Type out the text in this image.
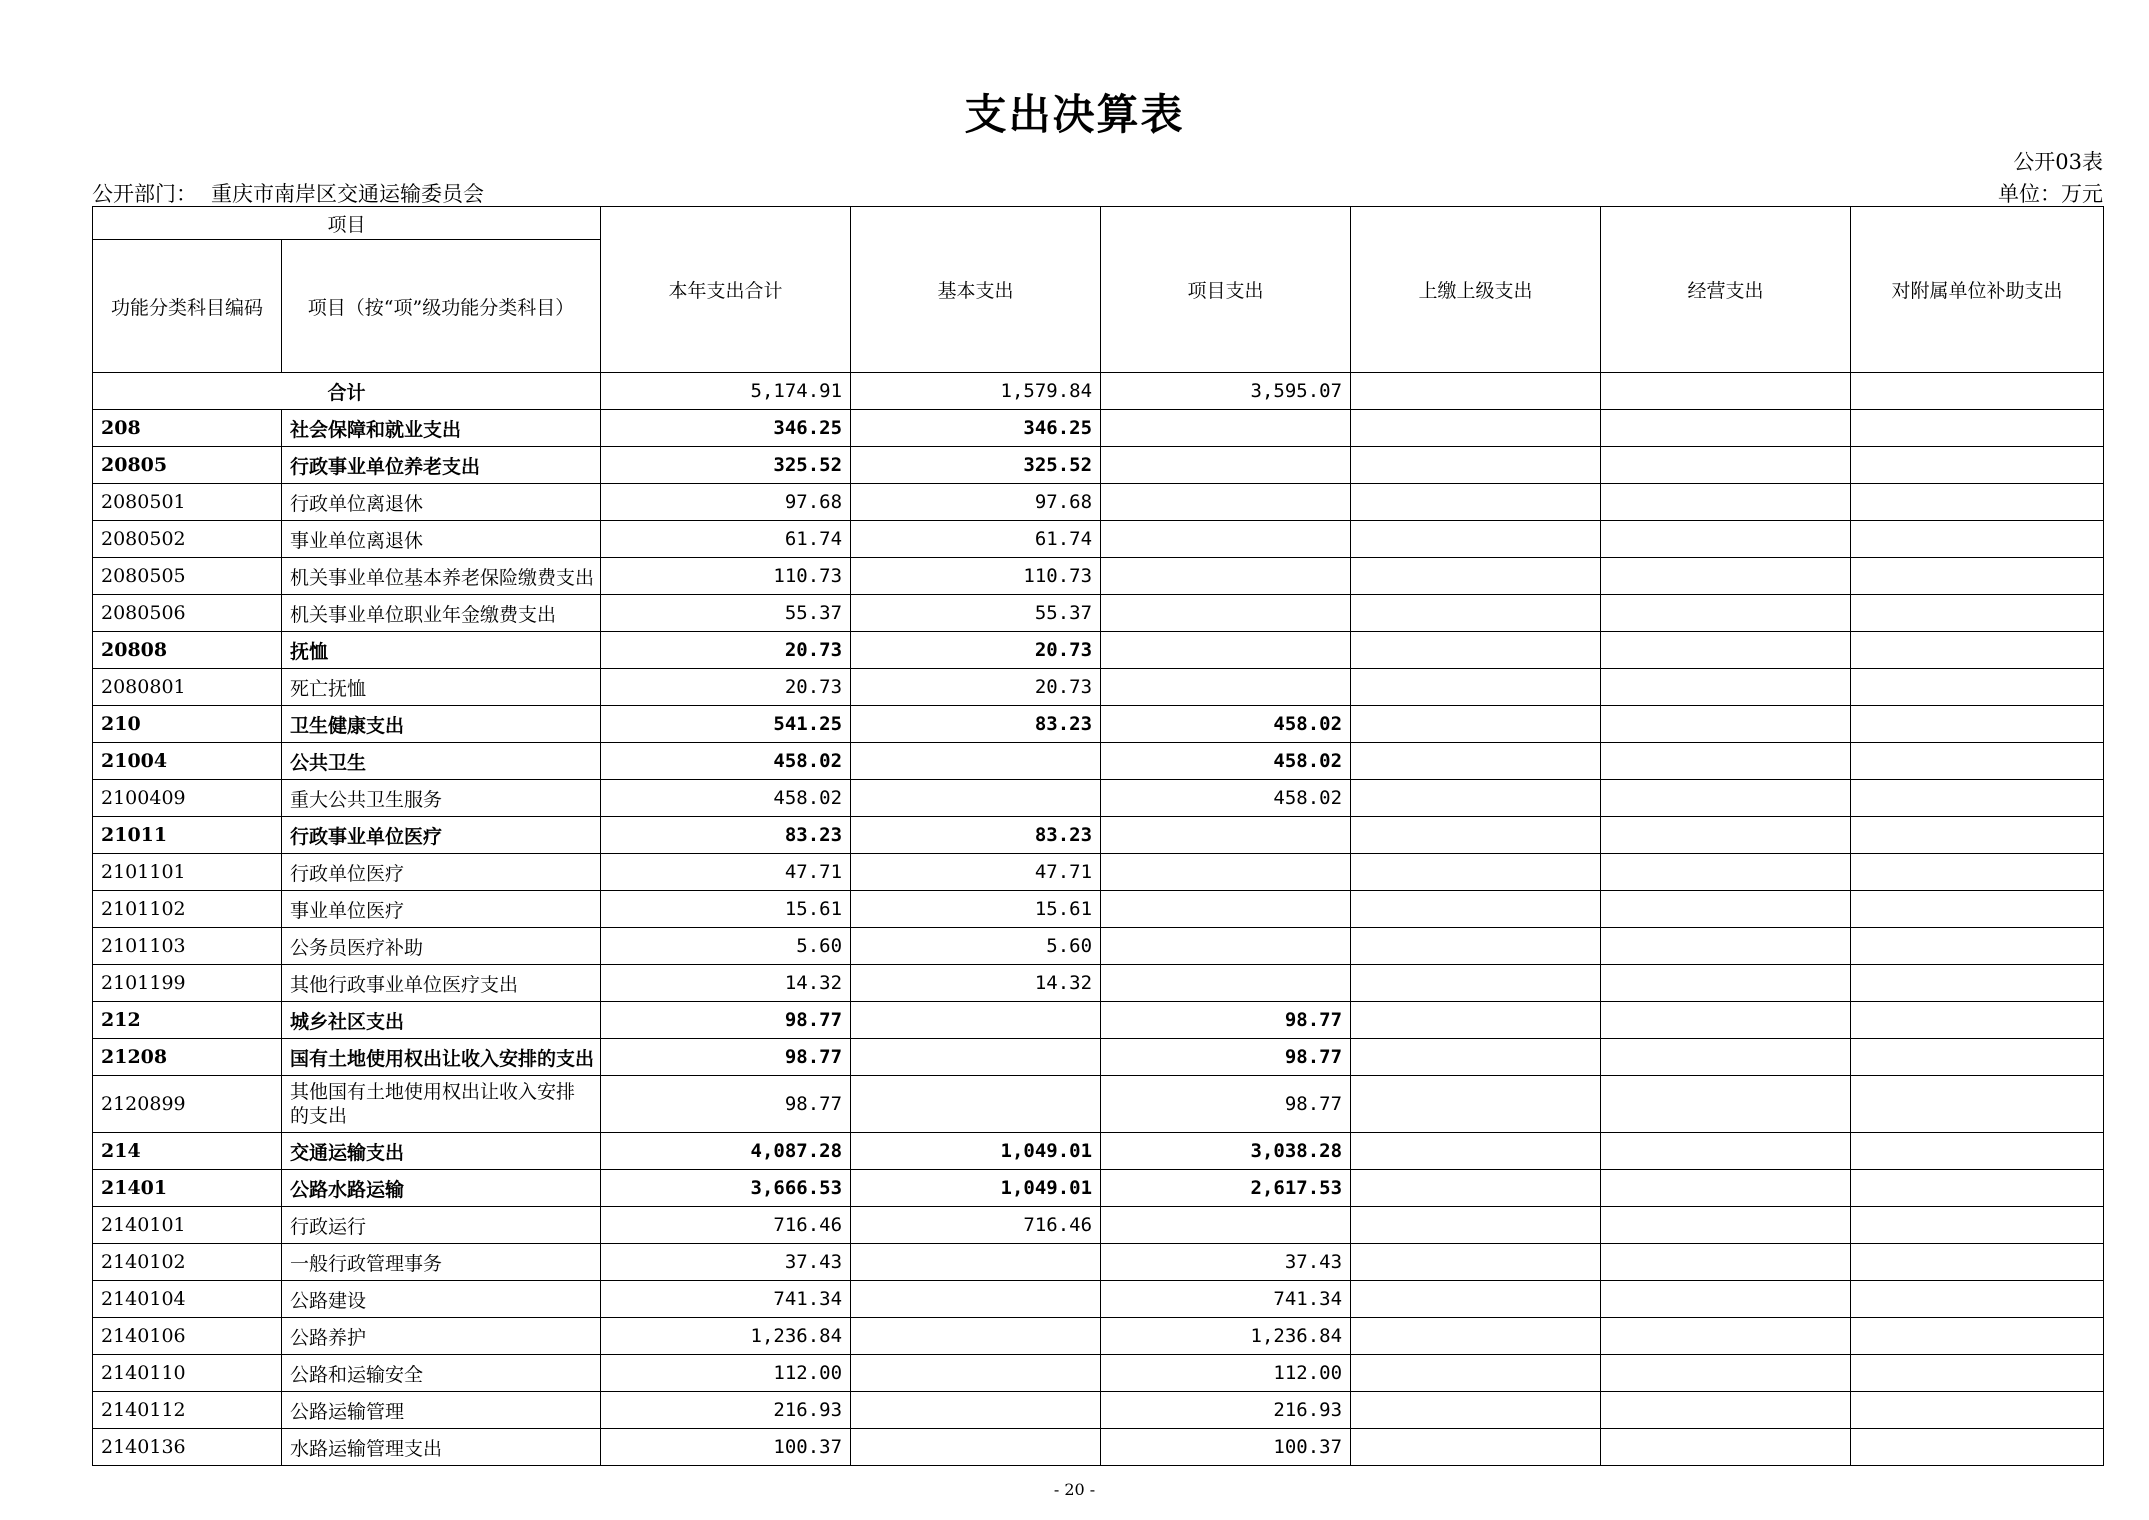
支出决算表
公开03表
公开部门： 重庆市南岸区交通运输委员会	单位：万元
项目		本年支出合计	基本支出	项目支出	上缴上级支出	经营支出	对附属单位补助支出
功能分类科目编码	项目（按“项”级功能分类科目）						
合计		5,174.91	1,579.84	3,595.07			
208	社会保障和就业支出	346.25	346.25				
20805	行政事业单位养老支出	325.52	325.52				
2080501	行政单位离退休	97.68	97.68				
2080502	事业单位离退休	61.74	61.74				
2080505	机关事业单位基本养老保险缴费支出	110.73	110.73				
2080506	机关事业单位职业年金缴费支出	55.37	55.37				
20808	抚恤	20.73	20.73				
2080801	死亡抚恤	20.73	20.73				
210	卫生健康支出	541.25	83.23	458.02			
21004	公共卫生	458.02		458.02			
2100409	重大公共卫生服务	458.02		458.02			
21011	行政事业单位医疗	83.23	83.23				
2101101	行政单位医疗	47.71	47.71				
2101102	事业单位医疗	15.61	15.61				
2101103	公务员医疗补助	5.60	5.60				
2101199	其他行政事业单位医疗支出	14.32	14.32				
212	城乡社区支出	98.77		98.77			
21208	国有土地使用权出让收入安排的支出	98.77		98.77			
2120899	其他国有土地使用权出让收入安排的支出	98.77		98.77			
214	交通运输支出	4,087.28	1,049.01	3,038.28			
21401	公路水路运输	3,666.53	1,049.01	2,617.53			
2140101	行政运行	716.46	716.46				
2140102	一般行政管理事务	37.43		37.43			
2140104	公路建设	741.34		741.34			
2140106	公路养护	1,236.84		1,236.84			
2140110	公路和运输安全	112.00		112.00			
2140112	公路运输管理	216.93		216.93			
2140136	水路运输管理支出	100.37		100.37			
- 20 -
